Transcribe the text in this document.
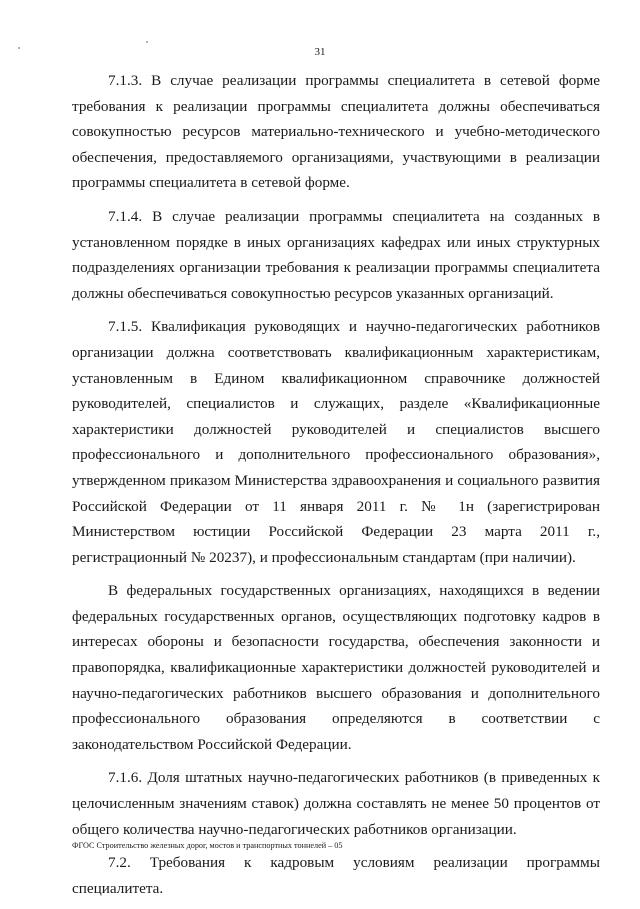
31

7.1.3. В случае реализации программы специалитета в сетевой форме требования к реализации программы специалитета должны обеспечиваться совокупностью ресурсов материально-технического и учебно-методического обеспечения, предоставляемого организациями, участвующими в реализации программы специалитета в сетевой форме.

7.1.4. В случае реализации программы специалитета на созданных в установленном порядке в иных организациях кафедрах или иных структурных подразделениях организации требования к реализации программы специалитета должны обеспечиваться совокупностью ресурсов указанных организаций.

7.1.5. Квалификация руководящих и научно-педагогических работников организации должна соответствовать квалификационным характеристикам, установленным в Едином квалификационном справочнике должностей руководителей, специалистов и служащих, разделе «Квалификационные характеристики должностей руководителей и специалистов высшего профессионального и дополнительного профессионального образования», утвержденном приказом Министерства здравоохранения и социального развития Российской Федерации от 11 января 2011 г. № 1н (зарегистрирован Министерством юстиции Российской Федерации 23 марта 2011 г., регистрационный № 20237), и профессиональным стандартам (при наличии).

В федеральных государственных организациях, находящихся в ведении федеральных государственных органов, осуществляющих подготовку кадров в интересах обороны и безопасности государства, обеспечения законности и правопорядка, квалификационные характеристики должностей руководителей и научно-педагогических работников высшего образования и дополнительного профессионального образования определяются в соответствии с законодательством Российской Федерации.

7.1.6. Доля штатных научно-педагогических работников (в приведенных к целочисленным значениям ставок) должна составлять не менее 50 процентов от общего количества научно-педагогических работников организации.

7.2. Требования к кадровым условиям реализации программы специалитета.

ФГОС Строительство железных дорог, мостов и транспортных тоннелей – 05
